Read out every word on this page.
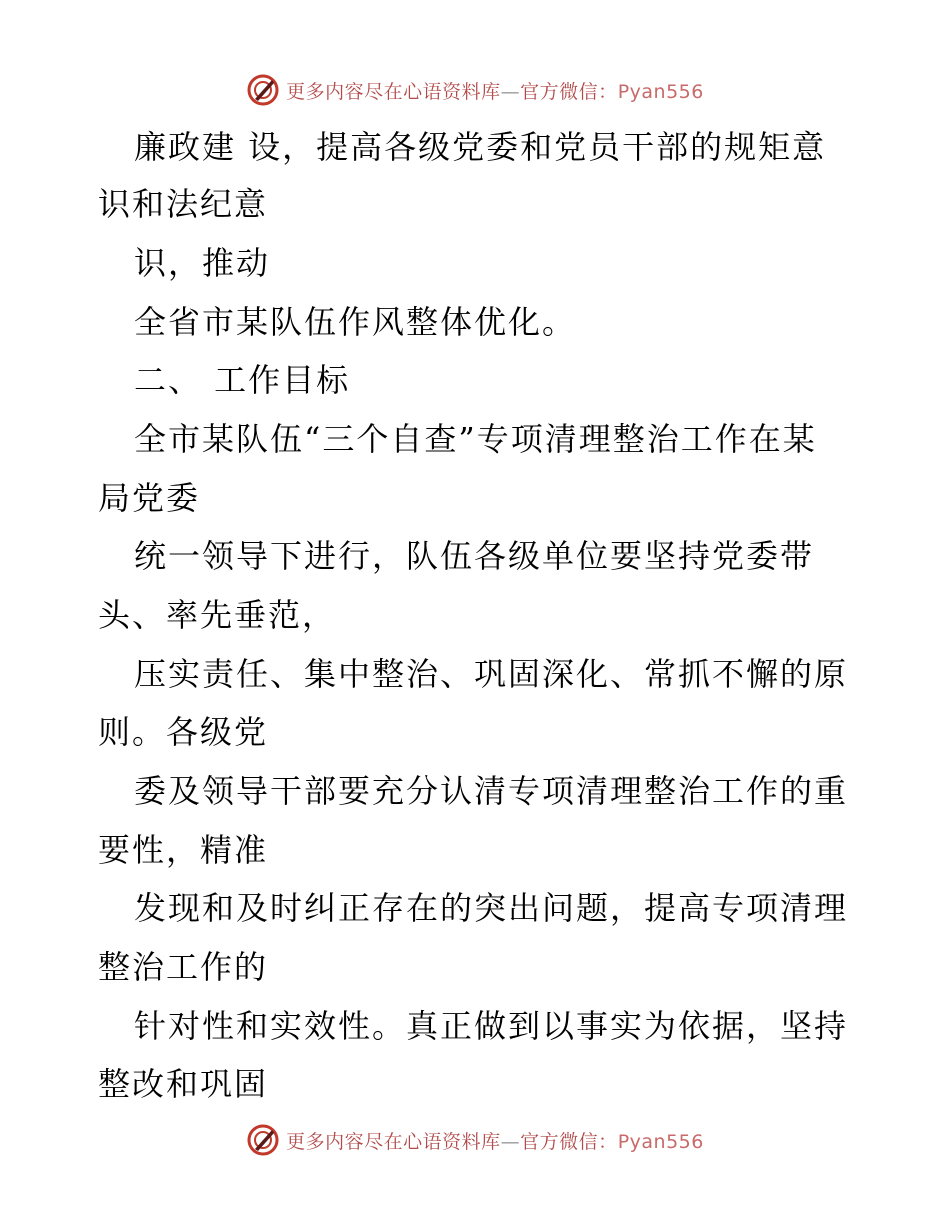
更多内容尽在心语资料库—官方微信：Pyan556
廉政建 设，提高各级党委和党员干部的规矩意
识和法纪意
识，推动
全省市某队伍作风整体优化。
二、 工作目标
全市某队伍“三个自查”专项清理整治工作在某
局党委
统一领导下进行，队伍各级单位要坚持党委带
头、率先垂范，
压实责任、集中整治、巩固深化、常抓不懈的原
则。各级党
委及领导干部要充分认清专项清理整治工作的重
要性，精准
发现和及时纠正存在的突出问题，提高专项清理
整治工作的
针对性和实效性。真正做到以事实为依据，坚持
整改和巩固
更多内容尽在心语资料库—官方微信：Pyan556
